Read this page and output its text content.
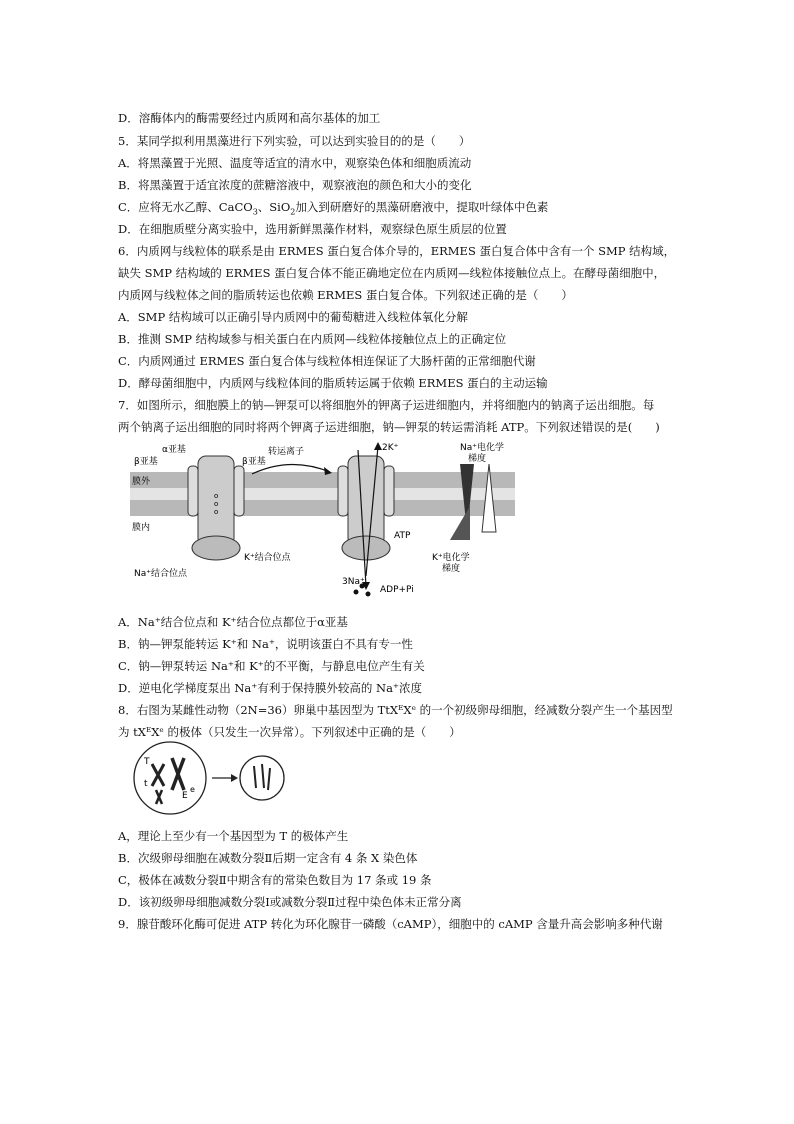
D．溶酶体内的酶需要经过内质网和高尔基体的加工
5．某同学拟利用黑藻进行下列实验，可以达到实验目的的是（　　）
A．将黑藻置于光照、温度等适宜的清水中，观察染色体和细胞质流动
B．将黑藻置于适宜浓度的蔗糖溶液中，观察液泡的颜色和大小的变化
C．应将无水乙醇、CaCO$_3$、SiO$_2$加入到研磨好的黑藻研磨液中，提取叶绿体中色素
D．在细胞质壁分离实验中，选用新鲜黑藻作材料，观察绿色原生质层的位置
6．内质网与线粒体的联系是由 ERMES 蛋白复合体介导的，ERMES 蛋白复合体中含有一个 SMP 结构域，
缺失 SMP 结构域的 ERMES 蛋白复合体不能正确地定位在内质网—线粒体接触位点上。在酵母菌细胞中，
内质网与线粒体之间的脂质转运也依赖 ERMES 蛋白复合体。下列叙述正确的是（　　）
A．SMP 结构域可以正确引导内质网中的葡萄糖进入线粒体氧化分解
B．推测 SMP 结构域参与相关蛋白在内质网—线粒体接触位点上的正确定位
C．内质网通过 ERMES 蛋白复合体与线粒体相连保证了大肠杆菌的正常细胞代谢
D．酵母菌细胞中，内质网与线粒体间的脂质转运属于依赖 ERMES 蛋白的主动运输
7．如图所示，细胞膜上的钠—钾泵可以将细胞外的钾离子运进细胞内，并将细胞内的钠离子运出细胞。每
两个钠离子运出细胞的同时将两个钾离子运进细胞，钠—钾泵的转运需消耗 ATP。下列叙述错误的是(　　)
o
o
o
α亚基
β亚基	β亚基
转运离子
膜外
膜内
K⁺结合位点
Na⁺结合位点
2K⁺
3Na⁺
ATP
ADP+Pi
Na⁺电化学
梯度
K⁺电化学
梯度
A．Na⁺结合位点和 K⁺结合位点都位于α亚基
B．钠—钾泵能转运 K⁺和 Na⁺，说明该蛋白不具有专一性
C．钠—钾泵转运 Na⁺和 K⁺的不平衡，与静息电位产生有关
D．逆电化学梯度泵出 Na⁺有利于保持膜外较高的 Na⁺浓度
8．右图为某雌性动物（2N=36）卵巢中基因型为 TtXᴱXᵉ 的一个初级卵母细胞，经减数分裂产生一个基因型
为 tXᴱXᵉ 的极体（只发生一次异常）。下列叙述中正确的是（　　）
T
t
E
e
A，理论上至少有一个基因型为 T 的极体产生
B．次级卵母细胞在减数分裂Ⅱ后期一定含有 4 条 X 染色体
C，极体在减数分裂Ⅱ中期含有的常染色数目为 17 条或 19 条
D．该初级卵母细胞减数分裂Ⅰ或减数分裂Ⅱ过程中染色体未正常分离
9．腺苷酸环化酶可促进 ATP 转化为环化腺苷一磷酸（cAMP），细胞中的 cAMP 含量升高会影响多种代谢
